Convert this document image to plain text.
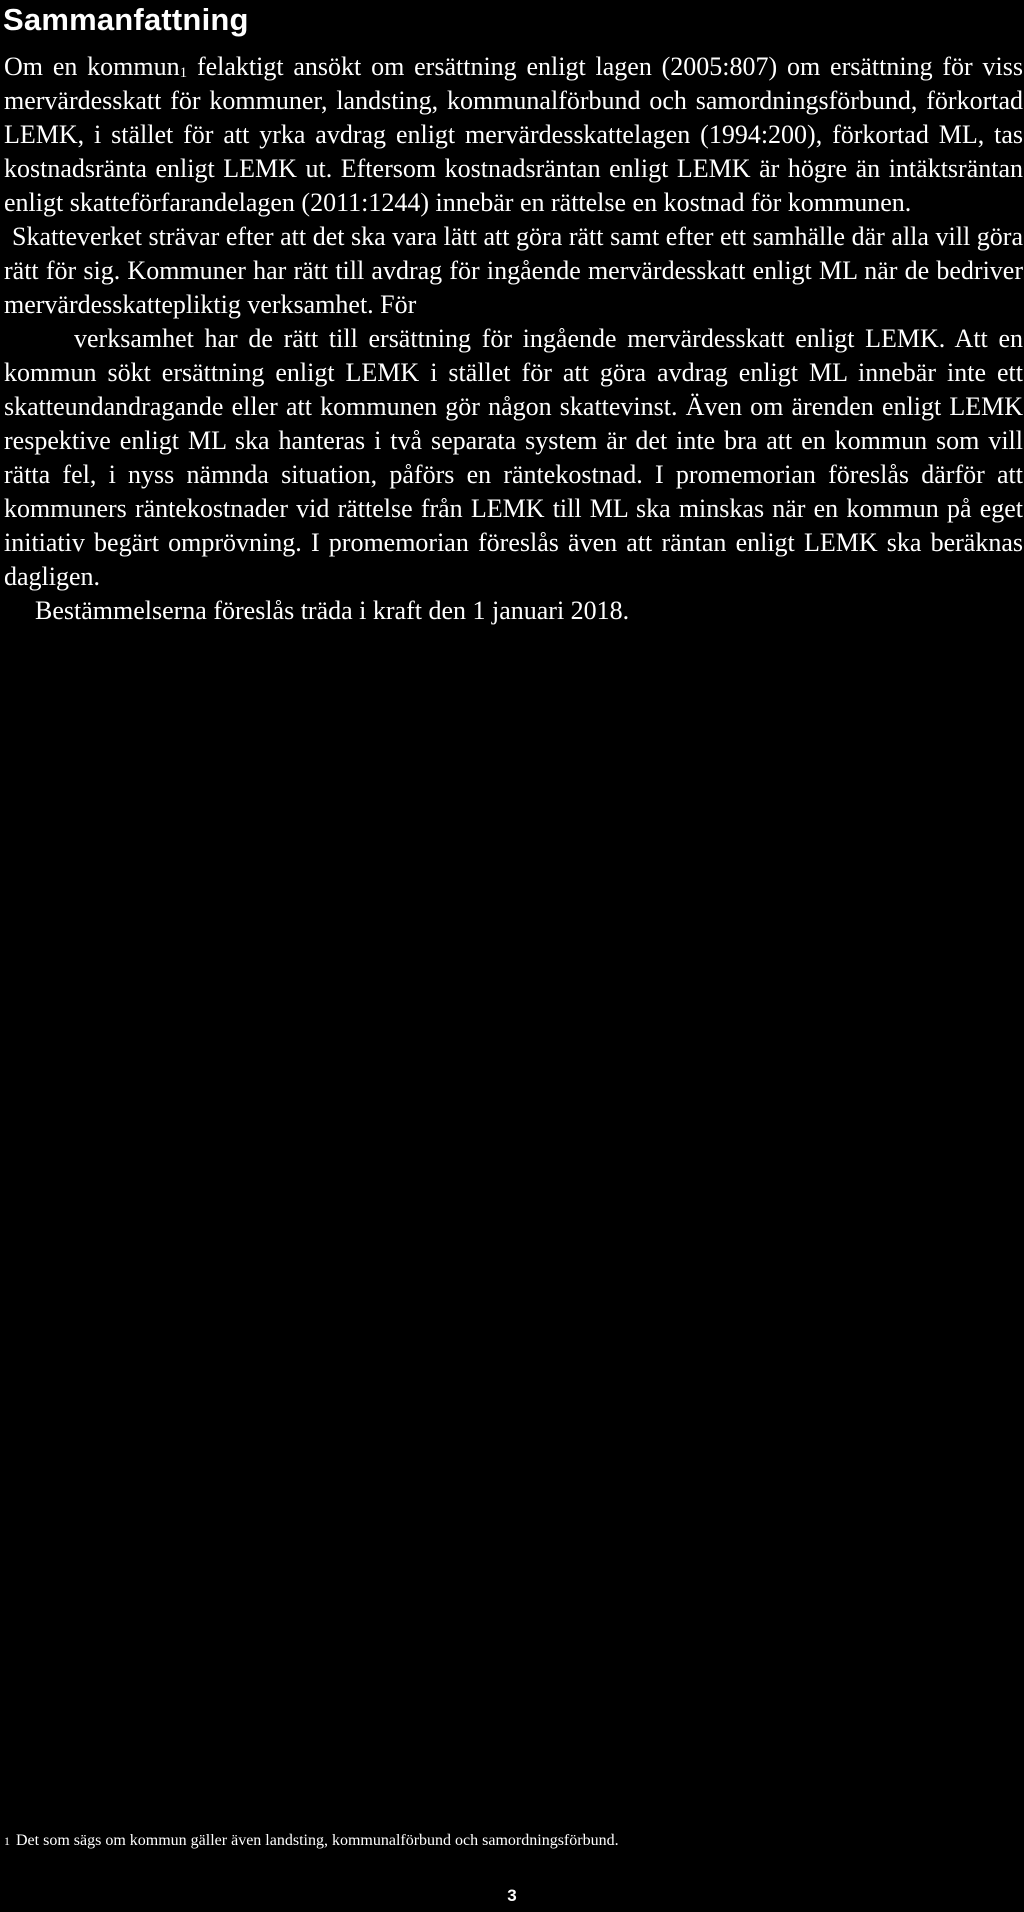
Sammanfattning

Om en kommun$^1$ felaktigt ansökt om ersättning enligt lagen (2005:807) om ersättning för viss mervärdesskatt för kommuner, landsting, kommunalförbund och samordningsförbund, förkortad LEMK, i stället för att yrka avdrag enligt mervärdesskattelagen (1994:200), förkortad ML, tas kostnadsränta enligt LEMK ut. Eftersom kostnadsräntan enligt LEMK är högre än intäktsräntan enligt skatteförfarandelagen (2011:1244) innebär en rättelse en kostnad för kommunen.

Skatteverket strävar efter att det ska vara lätt att göra rätt samt efter ett samhälle där alla vill göra rätt för sig. Kommuner har rätt till avdrag för ingående mervärdesskatt enligt ML när de bedriver mervärdesskattepliktig verksamhet. För
verksamhet har de rätt till ersättning för ingående mervärdesskatt enligt LEMK. Att en kommun sökt ersättning enligt LEMK i stället för att göra avdrag enligt ML innebär inte ett skatteundandragande eller att kommunen gör någon skattevinst. Även om ärenden enligt LEMK respektive enligt ML ska hanteras i två separata system är det inte bra att en kommun som vill rätta fel, i nyss nämnda situation, påförs en räntekostnad. I promemorian föreslås därför att kommuners räntekostnader vid rättelse från LEMK till ML ska minskas när en kommun på eget initiativ begärt omprövning. I promemorian föreslås även att räntan enligt LEMK ska beräknas dagligen.

Bestämmelserna föreslås träda i kraft den 1 januari 2018.

1 Det som sägs om kommun gäller även landsting, kommunalförbund och samordningsförbund.
3
